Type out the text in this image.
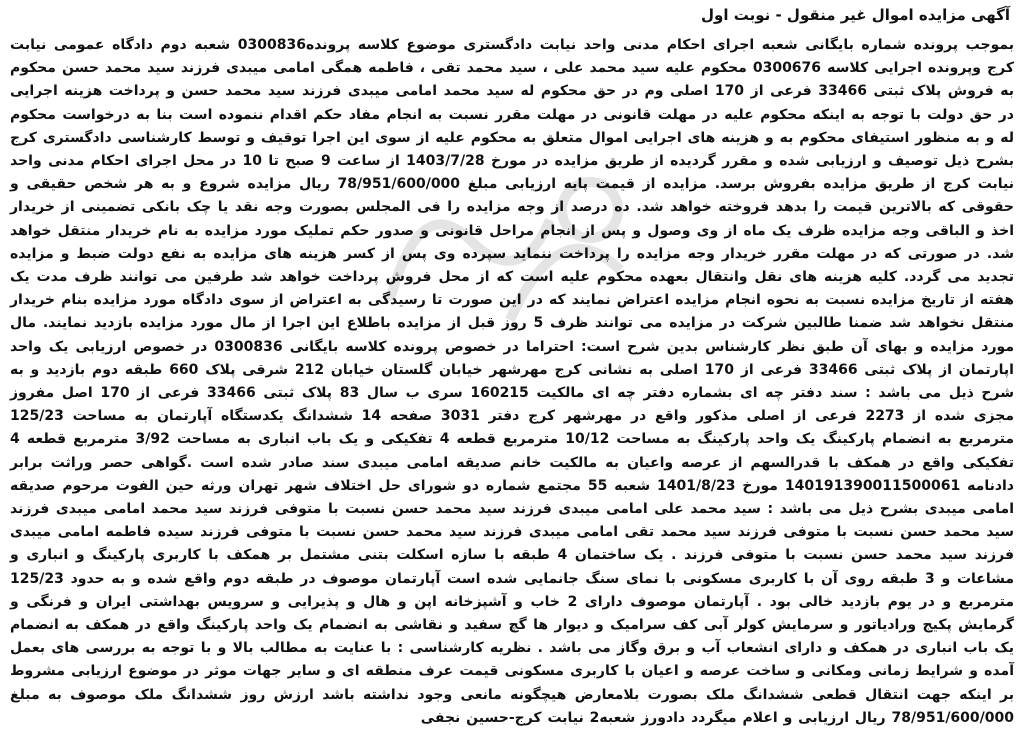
آگهی مزایده اموال غیر منقول - نوبت اول

بموجب پرونده شماره بایگانی شعبه اجرای احکام مدنی واحد نیابت دادگستری موضوع کلاسه پرونده0300836 شعبه دوم دادگاه عمومی نیابت کرج وپرونده اجرایی کلاسه 0300676 محکوم علیه سید محمد علی ، سید محمد تقی ، فاطمه همگی امامی میبدی فرزند سید محمد حسن محکوم به فروش پلاک ثبتی 33466 فرعی از 170 اصلی وم در حق محکوم له سید محمد امامی میبدی فرزند سید محمد حسن و پرداخت هزینه اجرایی در حق دولت با توجه به اینکه محکوم علیه در مهلت قانونی در مهلت مقرر نسبت به انجام مفاد حکم اقدام ننموده است بنا به درخواست محکوم له و به منظور استیفای محکوم به و هزینه های اجرایی اموال متعلق به محکوم علیه از سوی این اجرا توقیف و توسط کارشناسی دادگستری کرج بشرح ذیل توصیف و ارزیابی شده و مقرر گردیده از طریق مزایده در مورخ 1403/7/28 از ساعت 9 صبح تا 10 در محل اجرای احکام مدنی واحد نیابت کرج از طریق مزایده بفروش برسد. مزایده از قیمت پایه ارزیابی مبلغ 78/951/600/000 ریال مزایده شروع و به هر شخص حقیقی و حقوقی که بالاترین قیمت را بدهد فروخته خواهد شد. ده درصد از وجه مزایده را فی المجلس بصورت وجه نقد یا چک بانکی تضمینی از خریدار اخذ و الباقی وجه مزایده ظرف یک ماه از وی وصول و پس از انجام مراحل قانونی و صدور حکم تملیک مورد مزایده به نام خریدار منتقل خواهد شد. در صورتی که در مهلت مقرر خریدار وجه مزایده را پرداخت ننماید سپرده وی پس از کسر هزینه های مزایده به نفع دولت ضبط و مزایده تجدید می گردد. کلیه هزینه های نقل وانتقال بعهده محکوم علیه است که از محل فروش پرداخت خواهد شد طرفین می توانند ظرف مدت یک هفته از تاریخ مزایده نسبت به نحوه انجام مزایده اعتراض نمایند که در این صورت تا رسیدگی به اعتراض از سوی دادگاه مورد مزایده بنام خریدار منتقل نخواهد شد ضمنا طالبین شرکت در مزایده می توانند ظرف 5 روز قبل از مزایده باطلاع این اجرا از مال مورد مزایده بازدید نمایند. مال مورد مزایده و بهای آن طبق نظر کارشناس بدین شرح است: احتراما در خصوص پرونده کلاسه بایگانی 0300836 در خصوص ارزیابی یک واحد اپارتمان از پلاک ثبتی 33466 فرعی از 170 اصلی به نشانی کرج مهرشهر خیابان گلستان خیابان 212 شرقی پلاک 660 طبقه دوم بازدید و به شرح ذیل می باشد : سند دفتر چه ای بشماره دفتر چه ای مالکیت 160215 سری ب سال 83 پلاک ثبتی 33466 فرعی از 170 اصل مفروز مجزی شده از 2273 فرعی از اصلی مذکور واقع در مهرشهر کرج دفتر 3031 صفحه 14 ششدانگ یکدستگاه آپارتمان به مساحت 125/23 مترمربع به انضمام پارکینگ یک واحد پارکینگ به مساحت 10/12 مترمربع قطعه 4 تفکیکی و یک باب انباری به مساحت 3/92 مترمربع قطعه 4 تفکیکی واقع در همکف با قدرالسهم از عرصه واعیان به مالکیت خانم صدیقه امامی میبدی سند صادر شده است .گواهی حصر وراثت برابر دادنامه 140191390011500061 مورخ 1401/8/23 شعبه 55 مجتمع شماره دو شورای حل اختلاف شهر تهران ورثه حین الفوت مرحوم صدیقه امامی میبدی بشرح ذیل می باشد : سید محمد علی امامی میبدی فرزند سید محمد حسن نسبت با متوفی فرزند سید محمد امامی میبدی فرزند سید محمد حسن نسبت با متوفی فرزند سید محمد تقی امامی میبدی فرزند سید محمد حسن نسبت با متوفی فرزند سیده فاطمه امامی میبدی فرزند سید محمد حسن نسبت با متوفی فرزند . یک ساختمان 4 طبقه با سازه اسکلت بتنی مشتمل بر همکف با کاربری پارکینگ و انباری و مشاعات و 3 طبقه روی آن با کاربری مسکونی با نمای سنگ جانمایی شده است آپارتمان موصوف در طبقه دوم واقع شده و به حدود 125/23 مترمربع و در یوم بازدید خالی بود . آپارتمان موصوف دارای 2 خاب و آشپزخانه اپن و هال و پذیرایی و سرویس بهداشتی ایران و فرنگی و گرمایش پکیج ورادیاتور و سرمایش کولر آبی کف سرامیک و دیوار ها گچ سفید و نقاشی به انضمام یک واحد پارکینگ واقع در همکف به انضمام یک باب انباری در همکف و دارای انشعاب آب و برق وگاز می باشد . نظریه کارشناسی : با عنایت به مطالب بالا و با توجه به بررسی های بعمل آمده و شرایط زمانی ومکانی و ساخت عرصه و اعیان با کاربری مسکونی قیمت عرف منطقه ای و سایر جهات موثر در موضوع ارزیابی مشروط بر اینکه جهت انتقال قطعی ششدانگ ملک بصورت بلامعارض هیچگونه مانعی وجود نداشته باشد ارزش روز ششدانگ ملک موصوف به مبلغ 78/951/600/000 ریال ارزیابی و اعلام میگردد دادورز شعبه2 نیابت کرج-حسین نجفی
